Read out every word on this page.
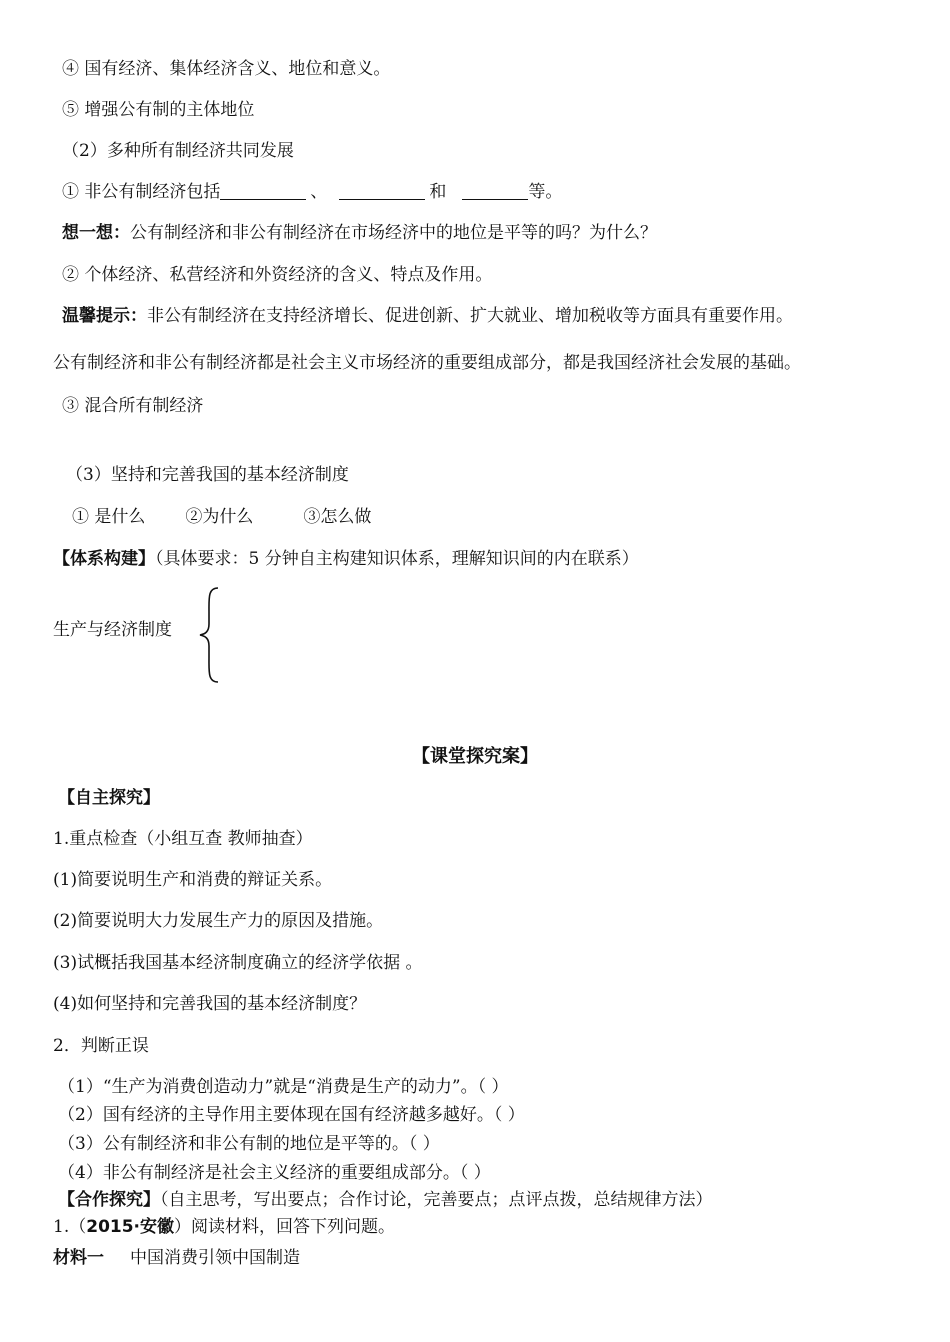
④ 国有经济、集体经济含义、地位和意义。
⑤ 增强公有制的主体地位
（2）多种所有制经济共同发展
① 非公有制经济包括	、	和	等。
想一想：公有制经济和非公有制经济在市场经济中的地位是平等的吗？为什么？
② 个体经济、私营经济和外资经济的含义、特点及作用。
温馨提示：非公有制经济在支持经济增长、促进创新、扩大就业、增加税收等方面具有重要作用。
公有制经济和非公有制经济都是社会主义市场经济的重要组成部分，都是我国经济社会发展的基础。
③ 混合所有制经济
（3）坚持和完善我国的基本经济制度
① 是什么 ②为什么	③怎么做
【体系构建】（具体要求：5 分钟自主构建知识体系，理解知识间的内在联系）
生产与经济制度
【课堂探究案】
【自主探究】
1.重点检查（小组互查 教师抽查）
(1)简要说明生产和消费的辩证关系。
(2)简要说明大力发展生产力的原因及措施。
(3)试概括我国基本经济制度确立的经济学依据 。
(4)如何坚持和完善我国的基本经济制度？
2．判断正误
（1）“生产为消费创造动力”就是“消费是生产的动力”。（ ）
（2）国有经济的主导作用主要体现在国有经济越多越好。（ ）
（3）公有制经济和非公有制的地位是平等的。（ ）
（4）非公有制经济是社会主义经济的重要组成部分。（ ）
【合作探究】（自主思考，写出要点；合作讨论，完善要点；点评点拨，总结规律方法）
1.（2015·安徽）阅读材料，回答下列问题。
材料一 中国消费引领中国制造
